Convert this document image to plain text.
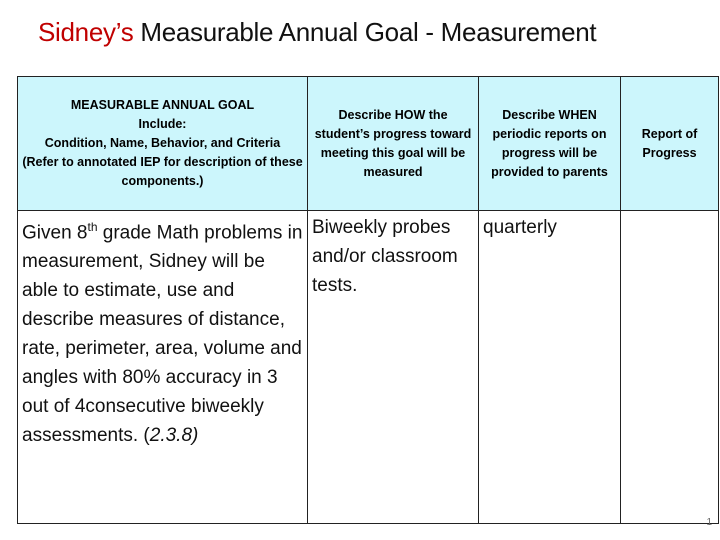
Sidney’s Measurable Annual Goal - Measurement
MEASURABLE ANNUAL GOAL
Include:
Condition, Name, Behavior, and Criteria
(Refer to annotated IEP for description of these components.)	Describe HOW the student’s progress toward meeting this goal will be measured	Describe WHEN periodic reports on progress will be provided to parents	Report of Progress
Given 8th grade Math problems in measurement, Sidney will be able to estimate, use and describe measures of distance, rate, perimeter, area, volume and angles with 80% accuracy in 3 out of 4consecutive biweekly assessments. (2.3.8)	Biweekly probes and/or classroom tests.	quarterly	
1
